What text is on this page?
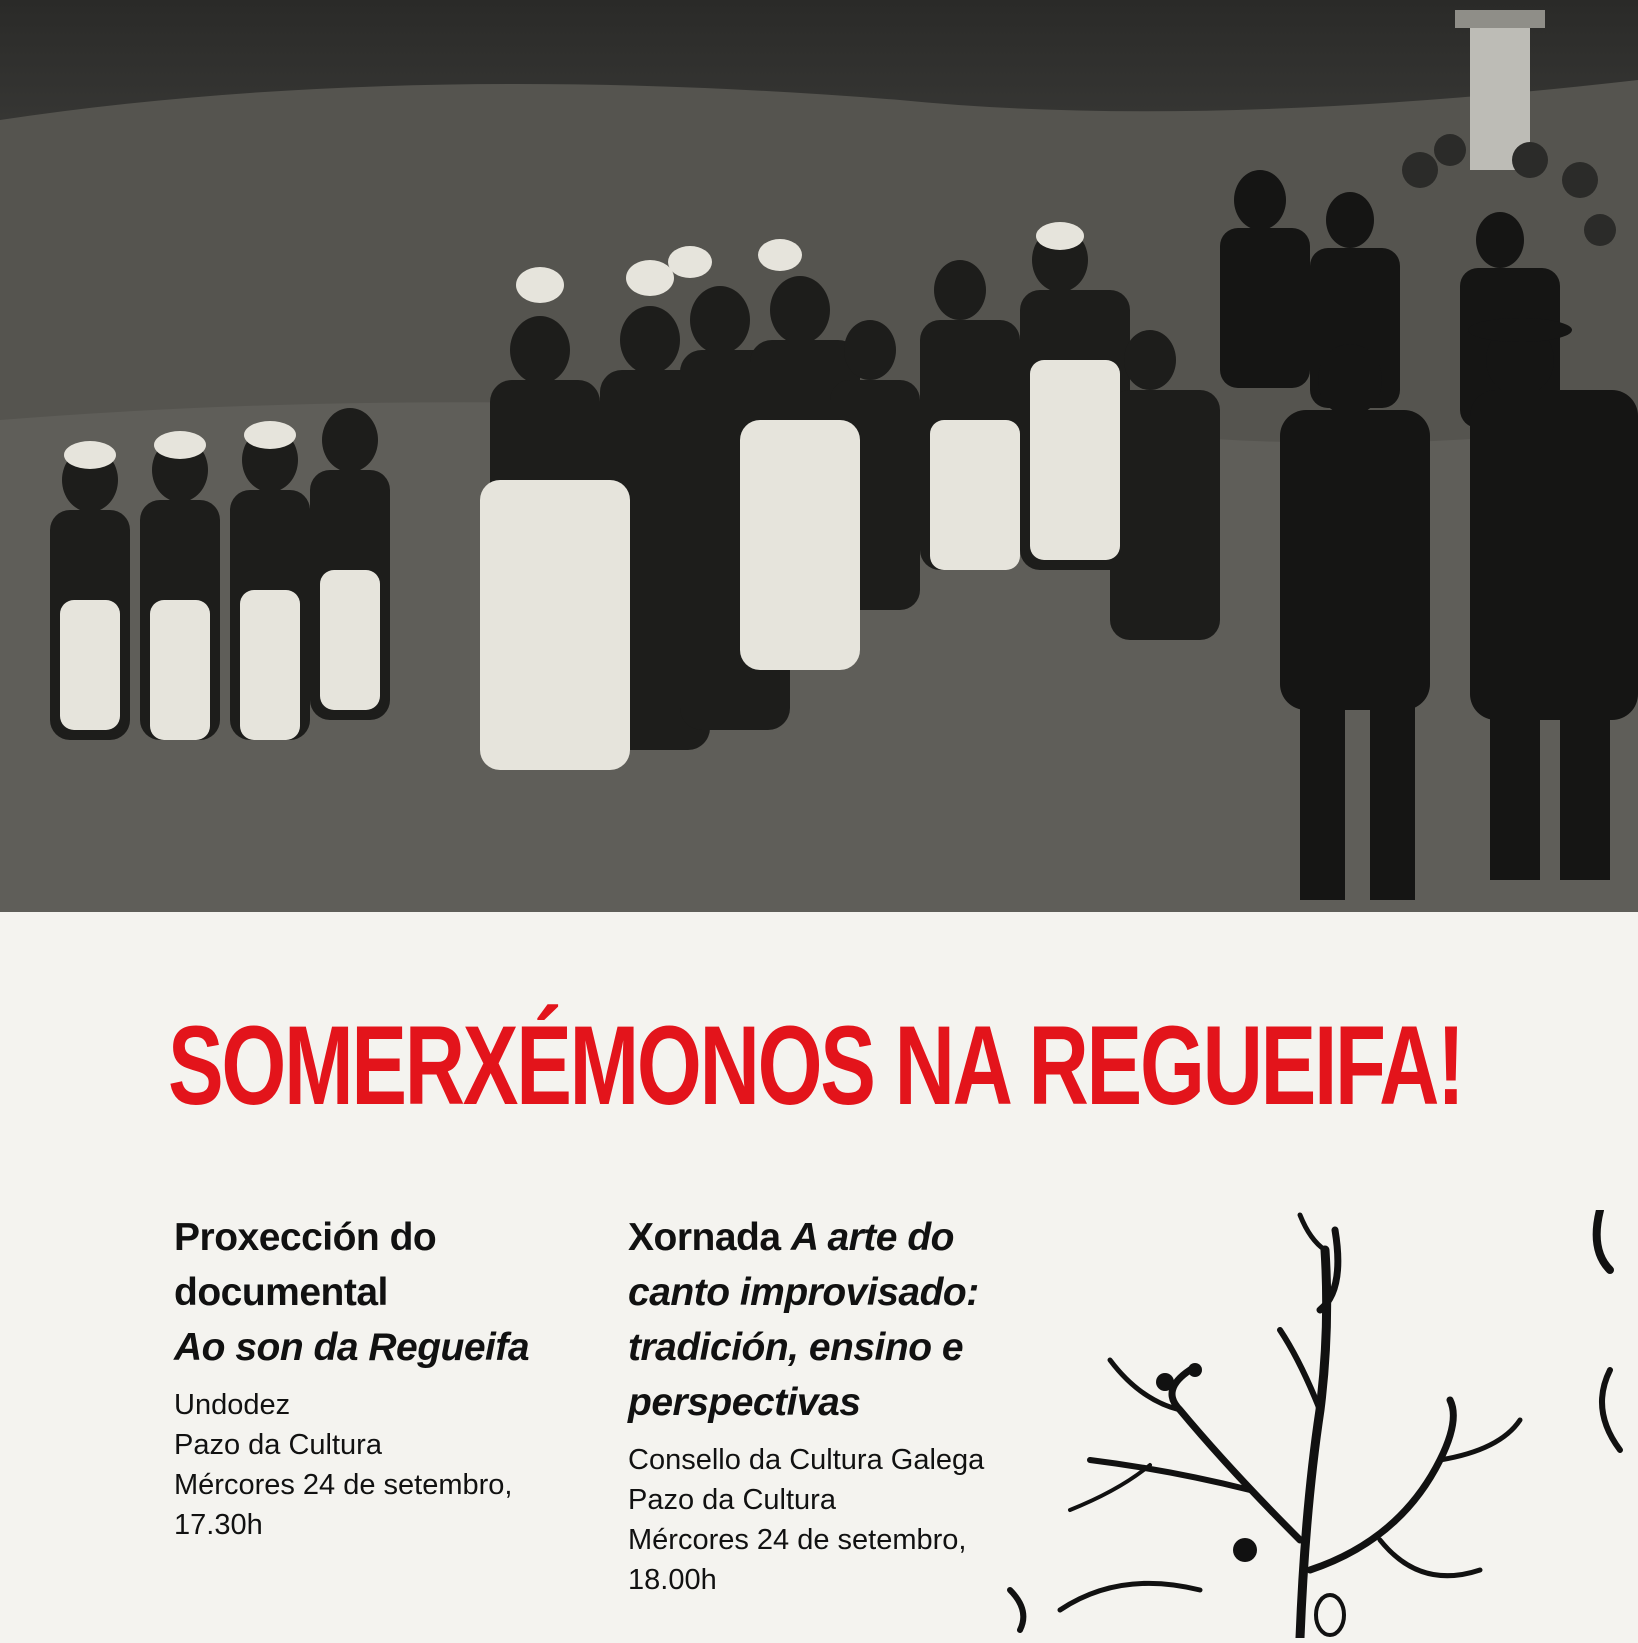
SOMERXÉMONOS NA REGUEIFA!

Proxección do documental
Ao son da Regueifa

Undodez
Pazo da Cultura
Mércores 24 de setembro,
17.30h

Xornada A arte do canto improvisado: tradición, ensino e perspectivas

Consello da Cultura Galega
Pazo da Cultura
Mércores 24 de setembro,
18.00h
